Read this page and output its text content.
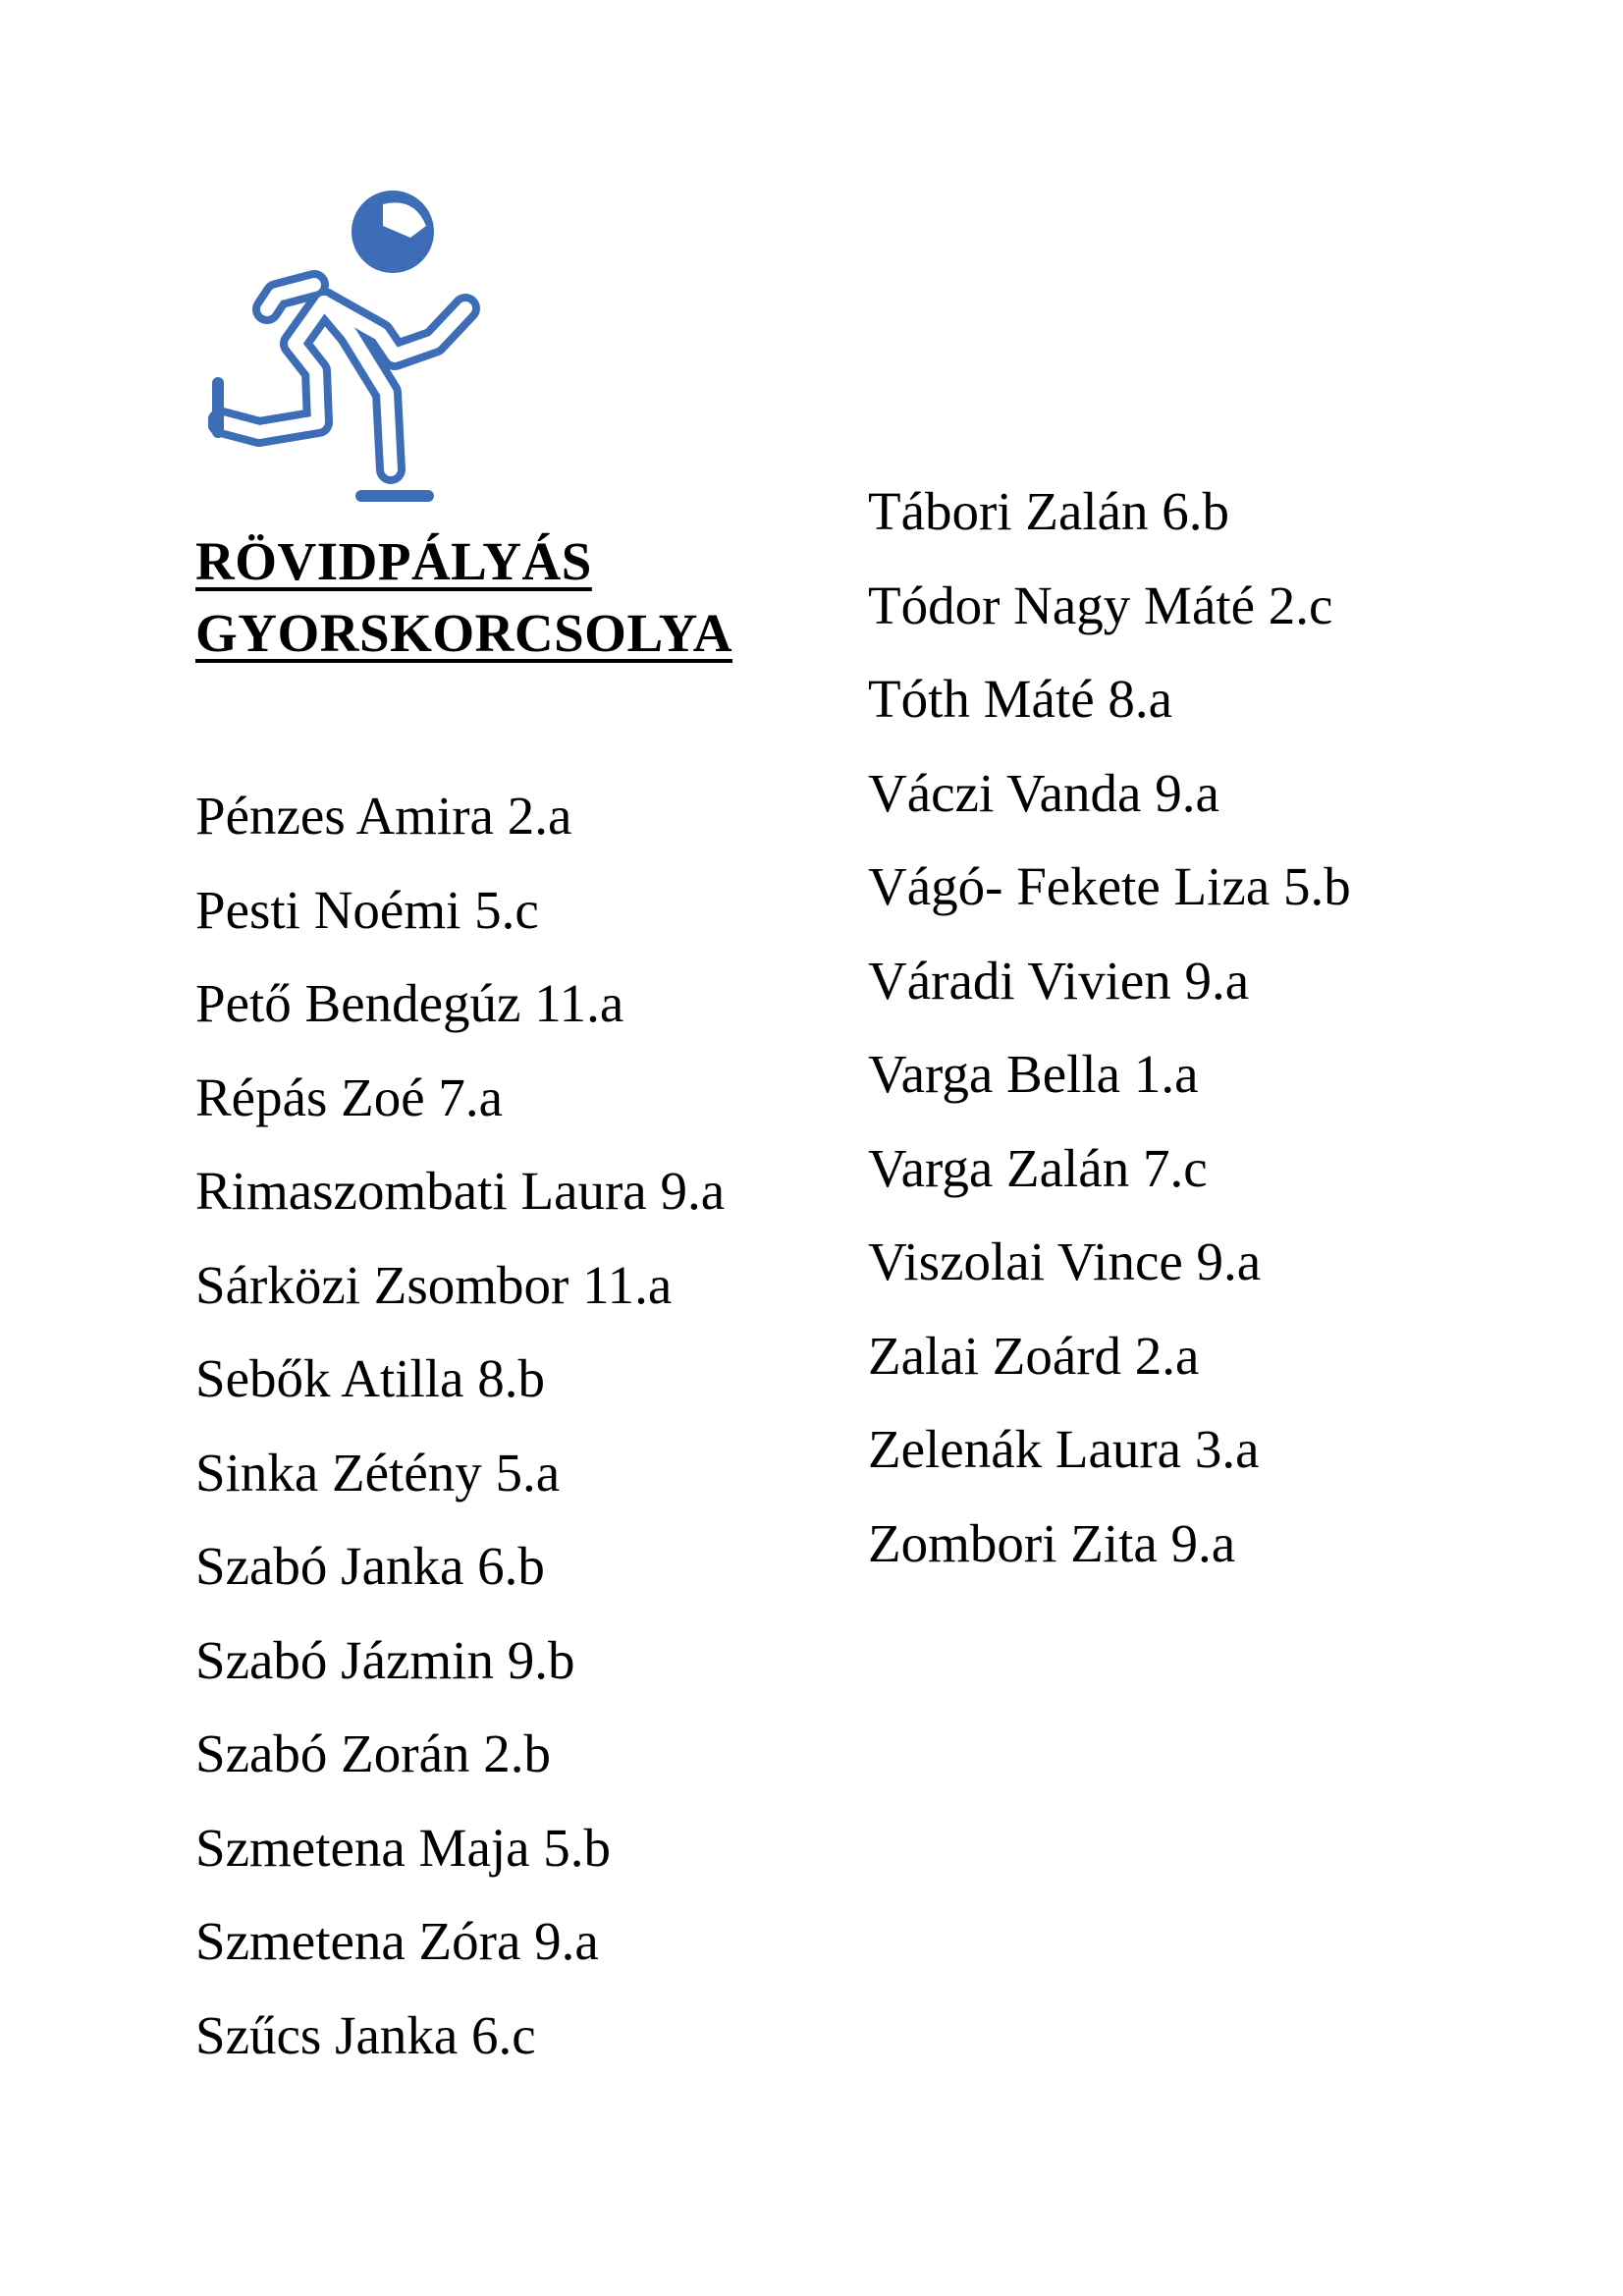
RÖVIDPÁLYÁS
GYORSKORCSOLYA
Pénzes Amira 2.a
Pesti Noémi 5.c
Pető Bendegúz 11.a
Répás Zoé 7.a
Rimaszombati Laura 9.a
Sárközi Zsombor 11.a
Sebők Atilla 8.b
Sinka Zétény 5.a
Szabó Janka 6.b
Szabó Jázmin 9.b
Szabó Zorán 2.b
Szmetena Maja 5.b
Szmetena Zóra 9.a
Szűcs Janka 6.c
Tábori Zalán 6.b
Tódor Nagy Máté 2.c
Tóth Máté 8.a
Váczi Vanda 9.a
Vágó- Fekete Liza 5.b
Váradi Vivien 9.a
Varga Bella 1.a
Varga Zalán 7.c
Viszolai Vince 9.a
Zalai Zoárd 2.a
Zelenák Laura 3.a
Zombori Zita 9.a
